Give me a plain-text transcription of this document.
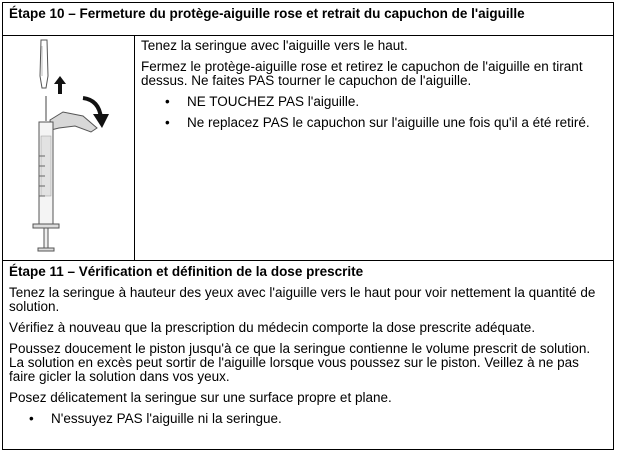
Étape 10 – Fermeture du protège-aiguille rose et retrait du capuchon de l'aiguille

Tenez la seringue avec l'aiguille vers le haut.

Fermez le protège-aiguille rose et retirez le capuchon de l'aiguille en tirant dessus. Ne faites PAS tourner le capuchon de l'aiguille.

• NE TOUCHEZ PAS l'aiguille.
• Ne replacez PAS le capuchon sur l'aiguille une fois qu'il a été retiré.
Étape 11 – Vérification et définition de la dose prescrite

Tenez la seringue à hauteur des yeux avec l'aiguille vers le haut pour voir nettement la quantité de solution.

Vérifiez à nouveau que la prescription du médecin comporte la dose prescrite adéquate.

Poussez doucement le piston jusqu'à ce que la seringue contienne le volume prescrit de solution. La solution en excès peut sortir de l'aiguille lorsque vous poussez sur le piston. Veillez à ne pas faire gicler la solution dans vos yeux.

Posez délicatement la seringue sur une surface propre et plane.

• N'essuyez PAS l'aiguille ni la seringue.
